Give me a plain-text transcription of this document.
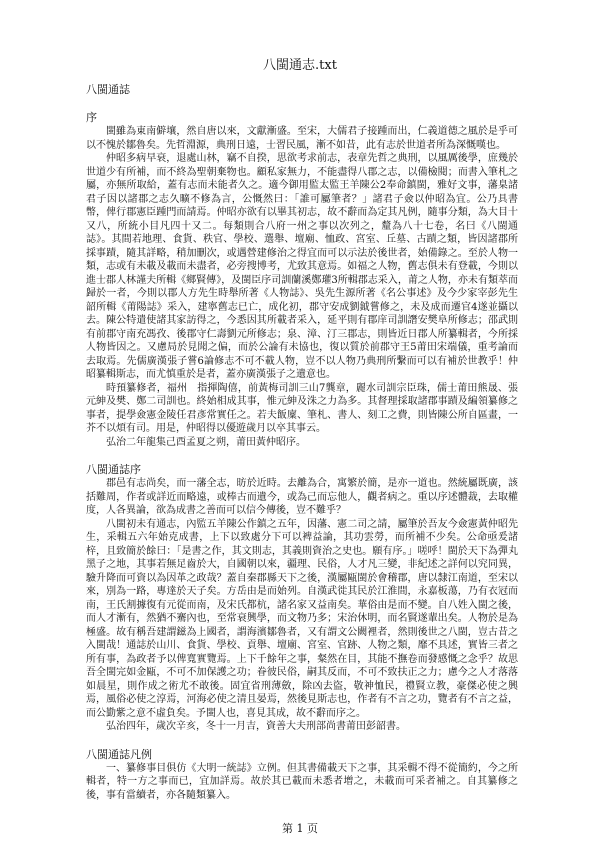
八閩通志.txt

八閩通誌

序

閩雖為東南僻壤，然自唐以來，文獻漸盛。至宋，大儒君子接踵而出，仁義道德之風於是乎可以不愧於鄒魯矣。先哲淵源，典刑日遠，士習民風，漸不如昔，此有志於世道者所為深慨嘆也。

仲昭多病早衰，退處山林，竊不自揆，思欲考求前志，表章先哲之典刑，以風厲後學，庶幾於世道少有所補，而不終為聖朝棄物也。顧私家無力，不能盡得八郡之志，以備檢閱；而書入筆札之屬，亦無所取給，蓋有志而未能者久之。適今御用監太監王羊陳公2奉命鎮閩，雅好文事，藩臬諸君子因以諸郡之志久曠不修為言，公慨然曰：「誰可屬筆者？」諸君子僉以仲昭為宜。公乃具書幣，俾行郡憲臣踵門而請焉。仲昭亦欲有以畢其初志，故不辭而為定其凡例，隨事分類，為大目十又八，所統小目凡四十又二。每類則合八府一州之事以次列之，釐為八十七卷，名曰《八閩通誌》。其間若地理、食貨、秩官、學校、選舉、壇廟、恤政、宮室、丘墓、古蹟之類，皆因諸郡所採事蹟，隨其詳略，稍加刪次，或遇營建修治之得宜而可以示法於後世者，始備錄之。至於人物一類，志或有未載及載而未盡者，必旁搜博考，尤致其意焉。如福之人物，舊志俱未有登載，今則以進士郡人林謹夫所輯《鄉賢傳》，及閩臣序司訓蘭溪鄭瓘3所輯郡志采入，莆之人物，亦未有類萃而歸於一者，今則以郡人方先生時舉所著《人物誌》、吳先生源所著《名公事述》及今少家宰彭先生韶所輯《莆陽誌》采入，建寧舊志已亡，成化初，郡守安成劉鉞嘗修之，未及成而遷官4遂並攝以去。陳公特遣使諸其家訪得之，今悉因其所載者采入，延平則有郡庠司訓譖安樊阜所修志；邵武則有前郡守南充馮孜、後郡守仁壽劉元所修志；泉、漳、汀三郡志，則皆近日郡人所纂輯者，今所採人物皆因之。又慮局於見聞之偏，而於公論有未協也，復以質於前郡守王5莆田宋端儀，重考論而去取焉。先儒廣漢張子嘗6論修志不可不載人物，豈不以人物乃典刑所繫而可以有補於世教乎！仲昭纂輯斯志，而尤慎重於是者，蓋亦廣漢張子之遺意也。

時預纂修者，福州　指揮陶僖，前黃梅司訓三山7龔章，麗水司訓宗臣珠，儒士莆田熊晟、張元紳及樊、鄭二司訓也。終始相成其事，惟元紳及洙之力為多。其督理採取諸郡事蹟及編領纂修之事者，提學僉憲金陵任君彥常實任之。若夫飯廩、筆札、書人、刻工之費，則皆陳公所自區畫，一芥不以煩有司。用是，仲昭得以優遊歲月以卒其事云。

弘治二年龍集己酉孟夏之朔，莆田黃仲昭序。

八閩通誌序

郡邑有志尚矣，而一藩全志，昉於近時。去離為合，寓繁於簡，是亦一道也。然統屬既廣，該括難周，作者或詳近而略遠，或棒古而遺今，或為己而忘他人，觀者病之。重以序述體裁，去取權度，人各異論，欲為成書之善而可以信今傳後，豈不難乎？

八閩初未有通志，內監五羊陳公作鎮之五年，因藩、憲二司之請，屬筆於吾友今僉憲黃仲昭先生，采輯五六年始克成書，上下以致處分下可以裨益論，其功雲勞，而所補不少矣。公命亟爰諸梓，且致簡於餘曰：「是書之作，其文則志，其義則資治之史也。願有序。」嗟呼！閩於天下為彈丸黑子之地，其事若無足齒於大，自國朝以來，疆理、民俗，人才凡三變，非紀述之詳何以究同異，驗升降而可資以為因革之政哉？蓋自秦郡縣天下之後，漢屬甌閩於會稽郡，唐以隸江南道，至宋以來，別為一路，專達於天子矣。方岳由是而始列。自漢武徙其民於江淮間，永嘉板蕩，乃有衣冠而南，王氏割據復有元從而南，及宋氏都杭，諸名家又益南矣。華俗由是而不變。自八姓入閩之後，而人才漸有，然猶不騫內也，至常衰興學，而文物乃多；宋治休明，而名賢遂輩出矣。人物於是為極盛。故有稱吾建謂鎡為上國者，謂海濱鄒魯者，又有謂文公闕裡者，然則後世之八閩，豈古昔之入閩哉！通誌於山川、食貨、學校、貢舉、壇廟、宮室、官跡、人物之類，靡不具述，實皆三者之所有事，為政者予以俾寬實覽焉。上下千餘年之事，粲然在目，其能不撫卷而發感慨之念乎？故思吾全閩完如金甌，不可不加保護之功；眷彼民俗，嗣其反而，不可不致扶正之力；慮今之人才落落如晨星，則作成之術尤不敢後。固宜省刑薄斂，除凶去盜，敬神恤民，禮賢立教，豪傑必使之興焉，風俗必使之淳焉，河海必使之清且晏焉，然後見斯志也，作者有不言之功，覽者有不言之益，而公勤紫之意不虛負矣。予閩人也，喜見其成，故不辭而序之。

弘治四年，歲次辛亥，冬十一月吉，資善大夫刑部尚書莆田彭韶書。

八閩通誌凡例

一、纂修事目俱仿《大明一統誌》立例。但其書備載天下之事，其采輯不得不從簡約，今之所輯者，特一方之事而已，宜加詳焉。故於其已載而未悉者增之，未載而可采者補之。自其纂修之後，事有當續者，亦各隨類纂入。

第 1 页
